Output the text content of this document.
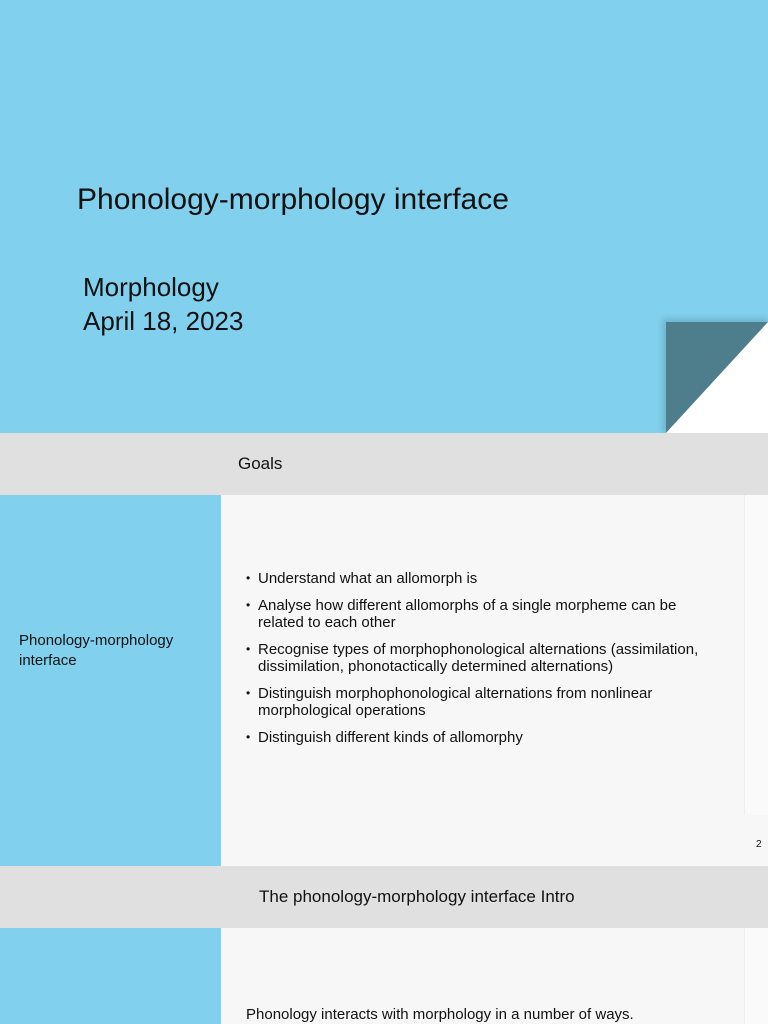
Phonology-morphology interface
Morphology
April 18, 2023
Goals
Phonology-morphology interface
• Understand what an allomorph is
• Analyse how different allomorphs of a single morpheme can be related to each other
• Recognise types of morphophonological alternations (assimilation, dissimilation, phonotactically determined alternations)
• Distinguish morphophonological alternations from nonlinear morphological operations
• Distinguish different kinds of allomorphy
2
The phonology-morphology interface Intro
Phonology interacts with morphology in a number of ways.
